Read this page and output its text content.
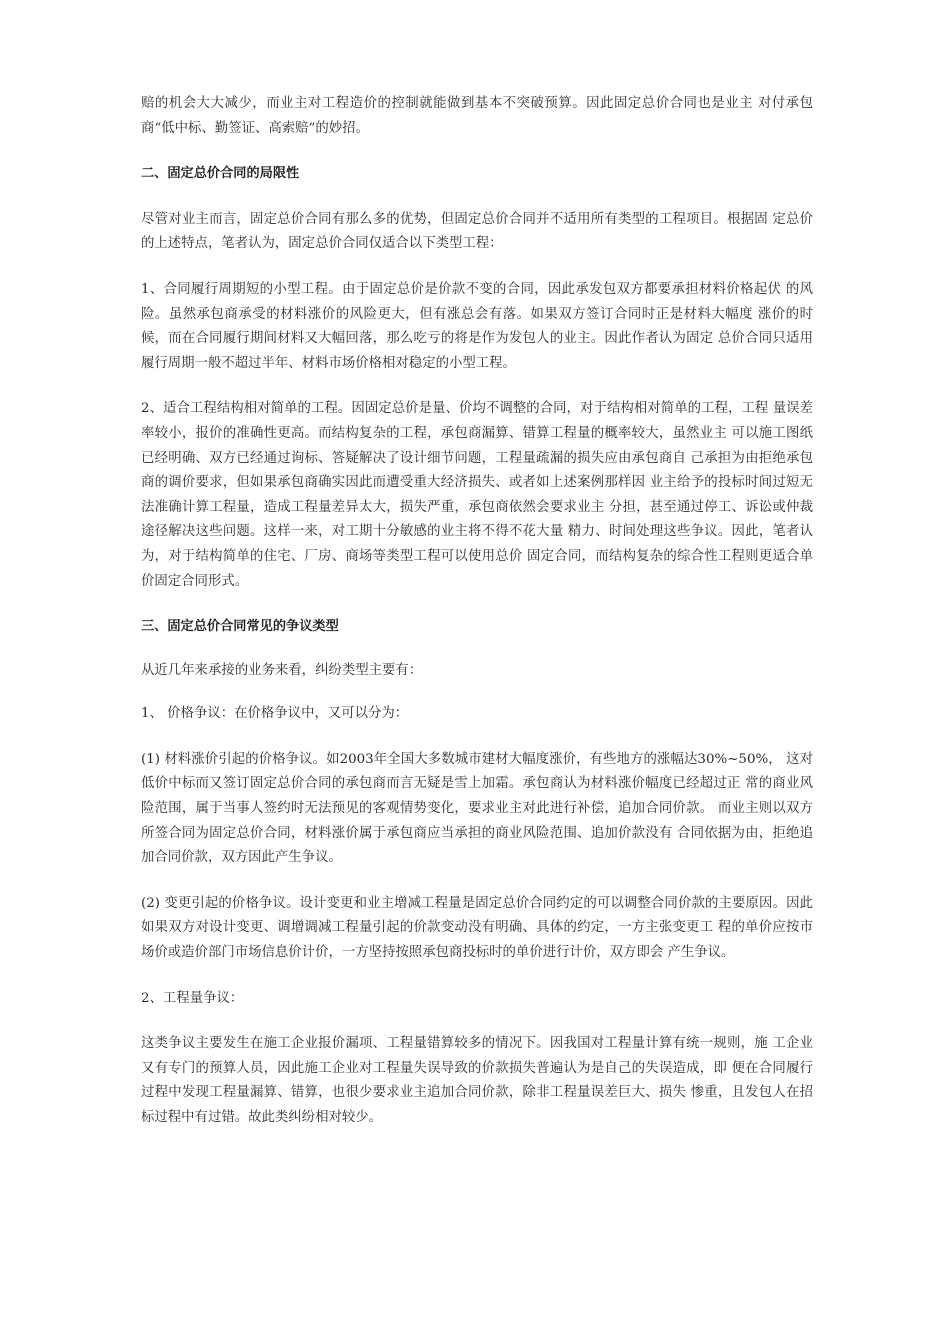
赔的机会大大减少，而业主对工程造价的控制就能做到基本不突破预算。因此固定总价合同也是业主 对付承包商“低中标、勤签证、高索赔”的妙招。

二、固定总价合同的局限性

尽管对业主而言，固定总价合同有那么多的优势，但固定总价合同并不适用所有类型的工程项目。根据固 定总价的上述特点，笔者认为，固定总价合同仅适合以下类型工程：

1、合同履行周期短的小型工程。由于固定总价是价款不变的合同，因此承发包双方都要承担材料价格起伏 的风险。虽然承包商承受的材料涨价的风险更大，但有涨总会有落。如果双方签订合同时正是材料大幅度 涨价的时候，而在合同履行期间材料又大幅回落，那么吃亏的将是作为发包人的业主。因此作者认为固定 总价合同只适用履行周期一般不超过半年、材料市场价格相对稳定的小型工程。

2、适合工程结构相对简单的工程。因固定总价是量、价均不调整的合同，对于结构相对简单的工程，工程 量误差率较小，报价的准确性更高。而结构复杂的工程，承包商漏算、错算工程量的概率较大，虽然业主 可以施工图纸已经明确、双方已经通过询标、答疑解决了设计细节问题，工程量疏漏的损失应由承包商自 己承担为由拒绝承包商的调价要求，但如果承包商确实因此而遭受重大经济损失、或者如上述案例那样因 业主给予的投标时间过短无法准确计算工程量，造成工程量差异太大，损失严重，承包商依然会要求业主 分担，甚至通过停工、诉讼或仲裁途径解决这些问题。这样一来，对工期十分敏感的业主将不得不花大量 精力、时间处理这些争议。因此，笔者认为，对于结构简单的住宅、厂房、商场等类型工程可以使用总价 固定合同，而结构复杂的综合性工程则更适合单价固定合同形式。

三、固定总价合同常见的争议类型

从近几年来承接的业务来看，纠纷类型主要有：

1、 价格争议：在价格争议中，又可以分为：

(1) 材料涨价引起的价格争议。如2003年全国大多数城市建材大幅度涨价，有些地方的涨幅达30%~50%， 这对低价中标而又签订固定总价合同的承包商而言无疑是雪上加霜。承包商认为材料涨价幅度已经超过正 常的商业风险范围，属于当事人签约时无法预见的客观情势变化，要求业主对此进行补偿，追加合同价款。 而业主则以双方所签合同为固定总价合同，材料涨价属于承包商应当承担的商业风险范围、追加价款没有 合同依据为由，拒绝追加合同价款，双方因此产生争议。

(2) 变更引起的价格争议。设计变更和业主增减工程量是固定总价合同约定的可以调整合同价款的主要原因。因此如果双方对设计变更、调增调减工程量引起的价款变动没有明确、具体的约定，一方主张变更工 程的单价应按市场价或造价部门市场信息价计价，一方坚持按照承包商投标时的单价进行计价，双方即会 产生争议。

2、工程量争议：

这类争议主要发生在施工企业报价漏项、工程量错算较多的情况下。因我国对工程量计算有统一规则，施 工企业又有专门的预算人员，因此施工企业对工程量失误导致的价款损失普遍认为是自己的失误造成，即 便在合同履行过程中发现工程量漏算、错算，也很少要求业主追加合同价款，除非工程量误差巨大、损失 惨重，且发包人在招标过程中有过错。故此类纠纷相对较少。
